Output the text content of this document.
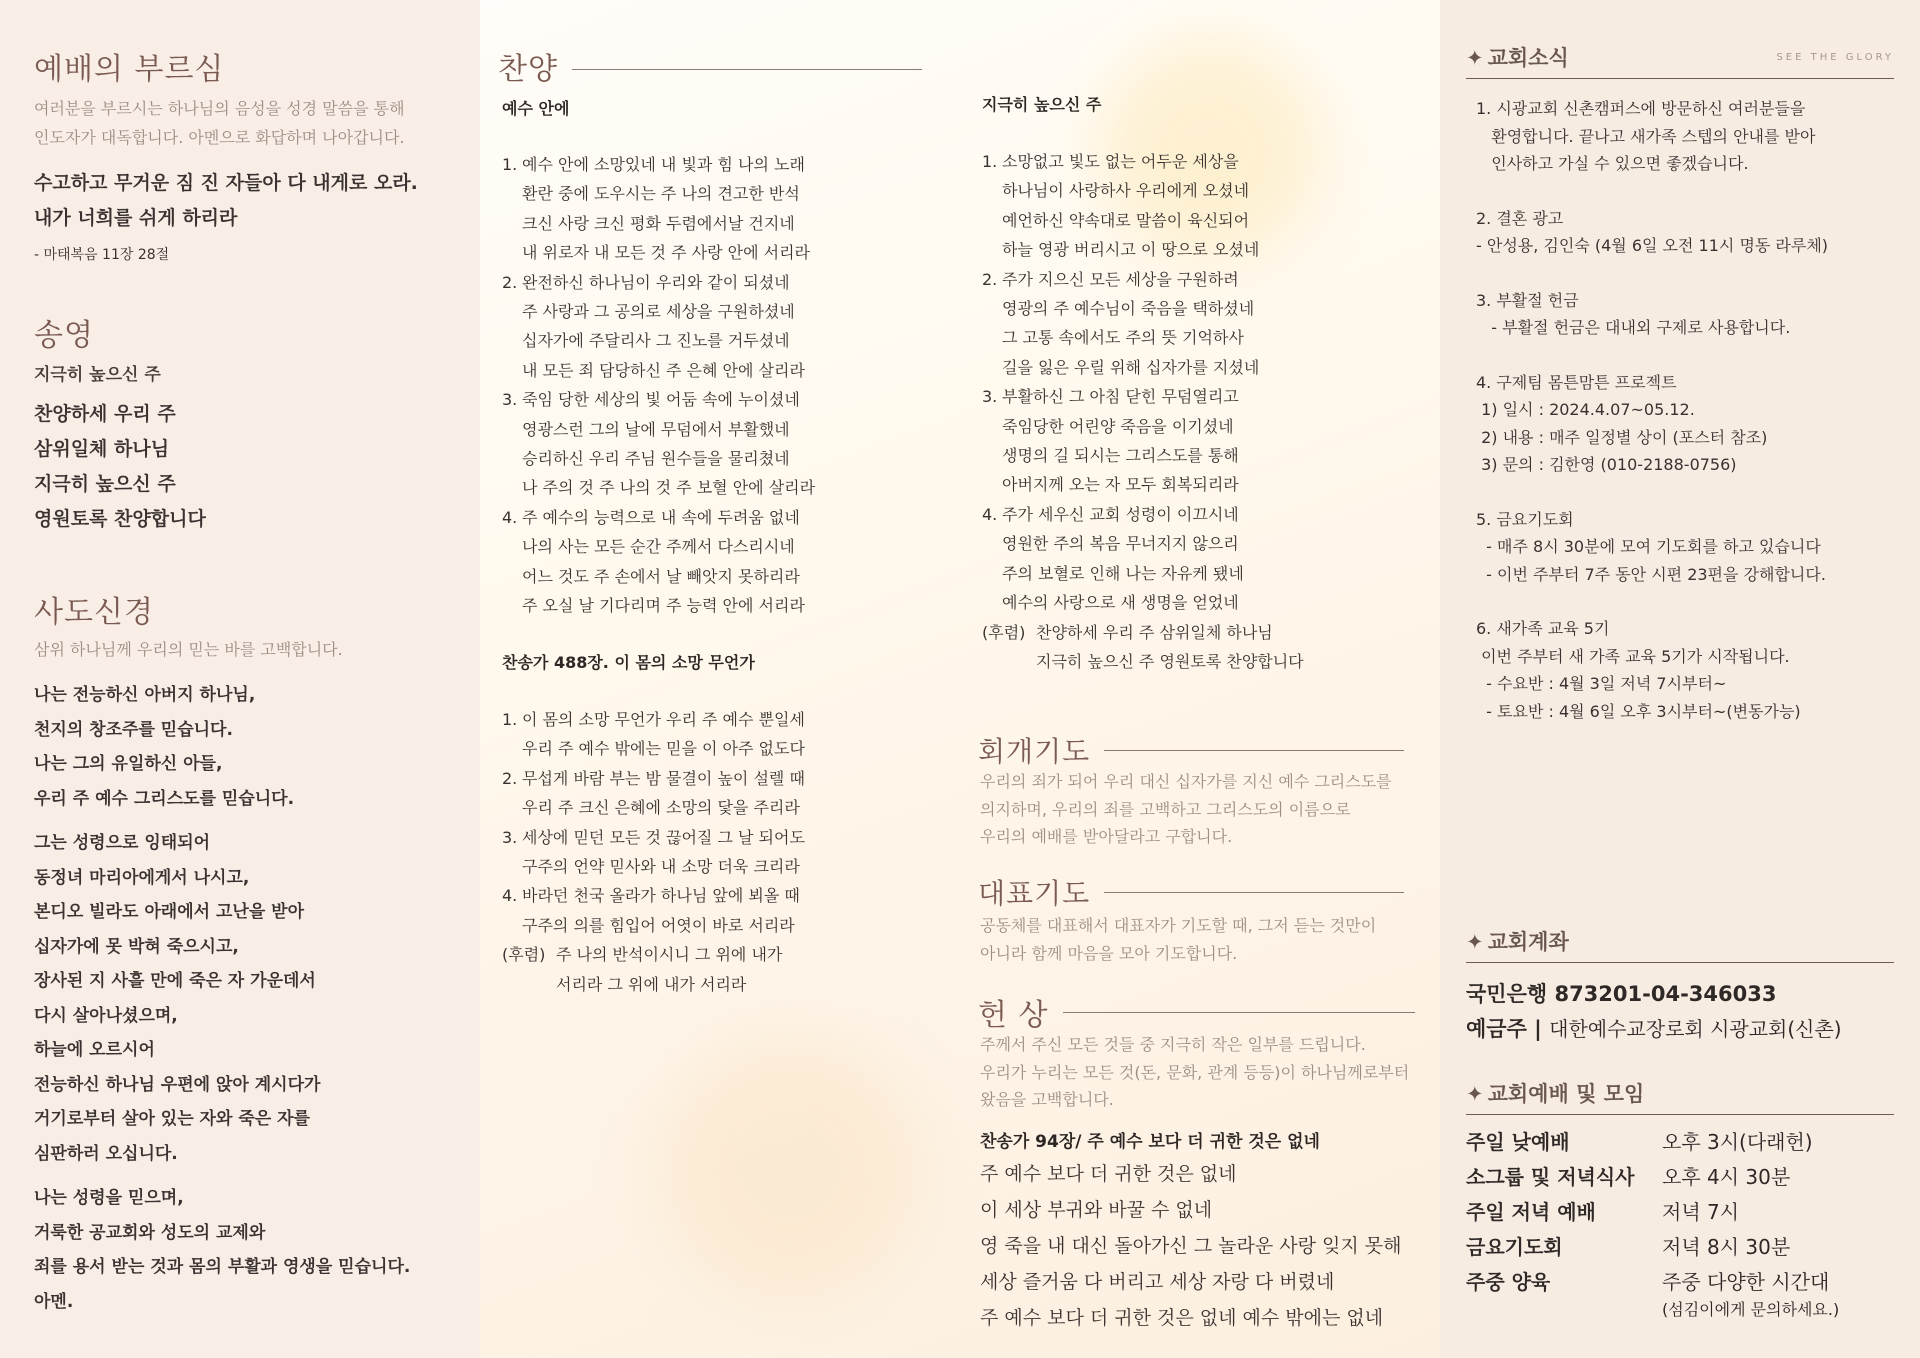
예배의 부르심
여러분을 부르시는 하나님의 음성을 성경 말씀을 통해
인도자가 대독합니다. 아멘으로 화답하며 나아갑니다.
수고하고 무거운 짐 진 자들아 다 내게로 오라.
내가 너희를 쉬게 하리라
- 마태복음 11장 28절
송영
지극히 높으신 주
찬양하세 우리 주
삼위일체 하나님
지극히 높으신 주
영원토록 찬양합니다
사도신경
삼위 하나님께 우리의 믿는 바를 고백합니다.
나는 전능하신 아버지 하나님,
천지의 창조주를 믿습니다.
나는 그의 유일하신 아들,
우리 주 예수 그리스도를 믿습니다.
그는 성령으로 잉태되어
동정녀 마리아에게서 나시고,
본디오 빌라도 아래에서 고난을 받아
십자가에 못 박혀 죽으시고,
장사된 지 사흘 만에 죽은 자 가운데서
다시 살아나셨으며,
하늘에 오르시어
전능하신 하나님 우편에 앉아 계시다가
거기로부터 살아 있는 자와 죽은 자를
심판하러 오십니다.
나는 성령을 믿으며,
거룩한 공교회와 성도의 교제와
죄를 용서 받는 것과 몸의 부활과 영생을 믿습니다.
아멘.
찬양
예수 안에
1. 예수 안에 소망있네 내 빛과 힘 나의 노래
환란 중에 도우시는 주 나의 견고한 반석
크신 사랑 크신 평화 두렴에서날 건지네
내 위로자 내 모든 것 주 사랑 안에 서리라
2. 완전하신 하나님이 우리와 같이 되셨네
주 사랑과 그 공의로 세상을 구원하셨네
십자가에 주달리사 그 진노를 거두셨네
내 모든 죄 담당하신 주 은혜 안에 살리라
3. 죽임 당한 세상의 빛 어둠 속에 누이셨네
영광스런 그의 날에 무덤에서 부활했네
승리하신 우리 주님 원수들을 물리쳤네
나 주의 것 주 나의 것 주 보혈 안에 살리라
4. 주 예수의 능력으로 내 속에 두려움 없네
나의 사는 모든 순간 주께서 다스리시네
어느 것도 주 손에서 날 빼앗지 못하리라
주 오실 날 기다리며 주 능력 안에 서리라
찬송가 488장. 이 몸의 소망 무언가
1. 이 몸의 소망 무언가 우리 주 예수 뿐일세
우리 주 예수 밖에는 믿을 이 아주 없도다
2. 무섭게 바람 부는 밤 물결이 높이 설렐 때
우리 주 크신 은혜에 소망의 닻을 주리라
3. 세상에 믿던 모든 것 끊어질 그 날 되어도
구주의 언약 믿사와 내 소망 더욱 크리라
4. 바라던 천국 올라가 하나님 앞에 뵈올 때
구주의 의를 힘입어 어엿이 바로 서리라
(후렴) 주 나의 반석이시니 그 위에 내가
서리라 그 위에 내가 서리라
지극히 높으신 주
1. 소망없고 빛도 없는 어두운 세상을
하나님이 사랑하사 우리에게 오셨네
예언하신 약속대로 말씀이 육신되어
하늘 영광 버리시고 이 땅으로 오셨네
2. 주가 지으신 모든 세상을 구원하려
영광의 주 예수님이 죽음을 택하셨네
그 고통 속에서도 주의 뜻 기억하사
길을 잃은 우릴 위해 십자가를 지셨네
3. 부활하신 그 아침 닫힌 무덤열리고
죽임당한 어린양 죽음을 이기셨네
생명의 길 되시는 그리스도를 통해
아버지께 오는 자 모두 회복되리라
4. 주가 세우신 교회 성령이 이끄시네
영원한 주의 복음 무너지지 않으리
주의 보혈로 인해 나는 자유케 됐네
예수의 사랑으로 새 생명을 얻었네
(후렴) 찬양하세 우리 주 삼위일체 하나님
지극히 높으신 주 영원토록 찬양합니다
회개기도
우리의 죄가 되어 우리 대신 십자가를 지신 예수 그리스도를
의지하며, 우리의 죄를 고백하고 그리스도의 이름으로
우리의 예배를 받아달라고 구합니다.
대표기도
공동체를 대표해서 대표자가 기도할 때, 그저 듣는 것만이
아니라 함께 마음을 모아 기도합니다.
헌 상
주께서 주신 모든 것들 중 지극히 작은 일부를 드립니다.
우리가 누리는 모든 것(돈, 문화, 관계 등등)이 하나님께로부터
왔음을 고백합니다.
찬송가 94장/ 주 예수 보다 더 귀한 것은 없네
주 예수 보다 더 귀한 것은 없네
이 세상 부귀와 바꿀 수 없네
영 죽을 내 대신 돌아가신 그 놀라운 사랑 잊지 못해
세상 즐거움 다 버리고 세상 자랑 다 버렸네
주 예수 보다 더 귀한 것은 없네 예수 밖에는 없네
✦ 교회소식	SEE THE GLORY
1. 시광교회 신촌캠퍼스에 방문하신 여러분들을
환영합니다. 끝나고 새가족 스텝의 안내를 받아
인사하고 가실 수 있으면 좋겠습니다.
2. 결혼 광고
- 안성용, 김인숙 (4월 6일 오전 11시 명동 라루체)
3. 부활절 헌금
- 부활절 헌금은 대내외 구제로 사용합니다.
4. 구제팀 몸튼맘튼 프로젝트
1) 일시 : 2024.4.07~05.12.
2) 내용 : 매주 일정별 상이 (포스터 참조)
3) 문의 : 김한영 (010-2188-0756)
5. 금요기도회
- 매주 8시 30분에 모여 기도회를 하고 있습니다
- 이번 주부터 7주 동안 시편 23편을 강해합니다.
6. 새가족 교육 5기
이번 주부터 새 가족 교육 5기가 시작됩니다.
- 수요반 : 4월 3일 저녁 7시부터~
- 토요반 : 4월 6일 오후 3시부터~(변동가능)
✦ 교회계좌
국민은행 873201-04-346033
예금주 | 대한예수교장로회 시광교회(신촌)
✦ 교회예배 및 모임
주일 낮예배	오후 3시(다래헌)
소그룹 및 저녁식사	오후 4시 30분
주일 저녁 예배	저녁 7시
금요기도회	저녁 8시 30분
주중 양육	주중 다양한 시간대
(섬김이에게 문의하세요.)
